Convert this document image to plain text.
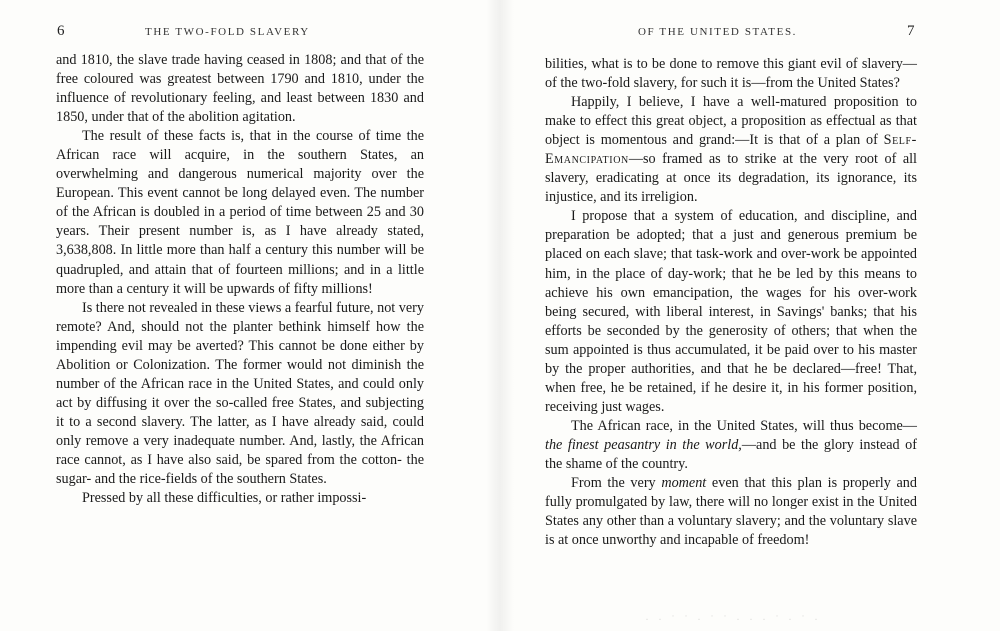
6	THE TWO-FOLD SLAVERY

and 1810, the slave trade having ceased in 1808; and that of the free coloured was greatest between 1790 and 1810, under the influence of revolutionary feeling, and least between 1830 and 1850, under that of the abolition agitation.

The result of these facts is, that in the course of time the African race will acquire, in the southern States, an overwhelming and dangerous numerical majority over the European. This event cannot be long delayed even. The number of the African is doubled in a period of time between 25 and 30 years. Their present number is, as I have already stated, 3,638,808. In little more than half a century this number will be quadrupled, and attain that of fourteen millions; and in a little more than a century it will be upwards of fifty millions!

Is there not revealed in these views a fearful future, not very remote? And, should not the planter bethink himself how the impending evil may be averted? This cannot be done either by Abolition or Colonization. The former would not diminish the number of the African race in the United States, and could only act by diffusing it over the so-called free States, and subjecting it to a second slavery. The latter, as I have already said, could only remove a very inadequate number. And, lastly, the African race cannot, as I have also said, be spared from the cotton- the sugar- and the rice-fields of the southern States.

Pressed by all these difficulties, or rather impossi-

OF THE UNITED STATES.	7

bilities, what is to be done to remove this giant evil of slavery—of the two-fold slavery, for such it is—from the United States?

Happily, I believe, I have a well-matured proposition to make to effect this great object, a proposition as effectual as that object is momentous and grand:—It is that of a plan of Self-Emancipation—so framed as to strike at the very root of all slavery, eradicating at once its degradation, its ignorance, its injustice, and its irreligion.

I propose that a system of education, and discipline, and preparation be adopted; that a just and generous premium be placed on each slave; that task-work and over-work be appointed him, in the place of day-work; that he be led by this means to achieve his own emancipation, the wages for his over-work being secured, with liberal interest, in Savings' banks; that his efforts be seconded by the generosity of others; that when the sum appointed is thus accumulated, it be paid over to his master by the proper authorities, and that he be declared—free! That, when free, he be retained, if he desire it, in his former position, receiving just wages.

The African race, in the United States, will thus become—the finest peasantry in the world,—and be the glory instead of the shame of the country.

From the very moment even that this plan is properly and fully promulgated by law, there will no longer exist in the United States any other than a voluntary slavery; and the voluntary slave is at once unworthy and incapable of freedom!

· · ˙ ˙ · ˙ ˙ · · · ˙ · ˙ ·
